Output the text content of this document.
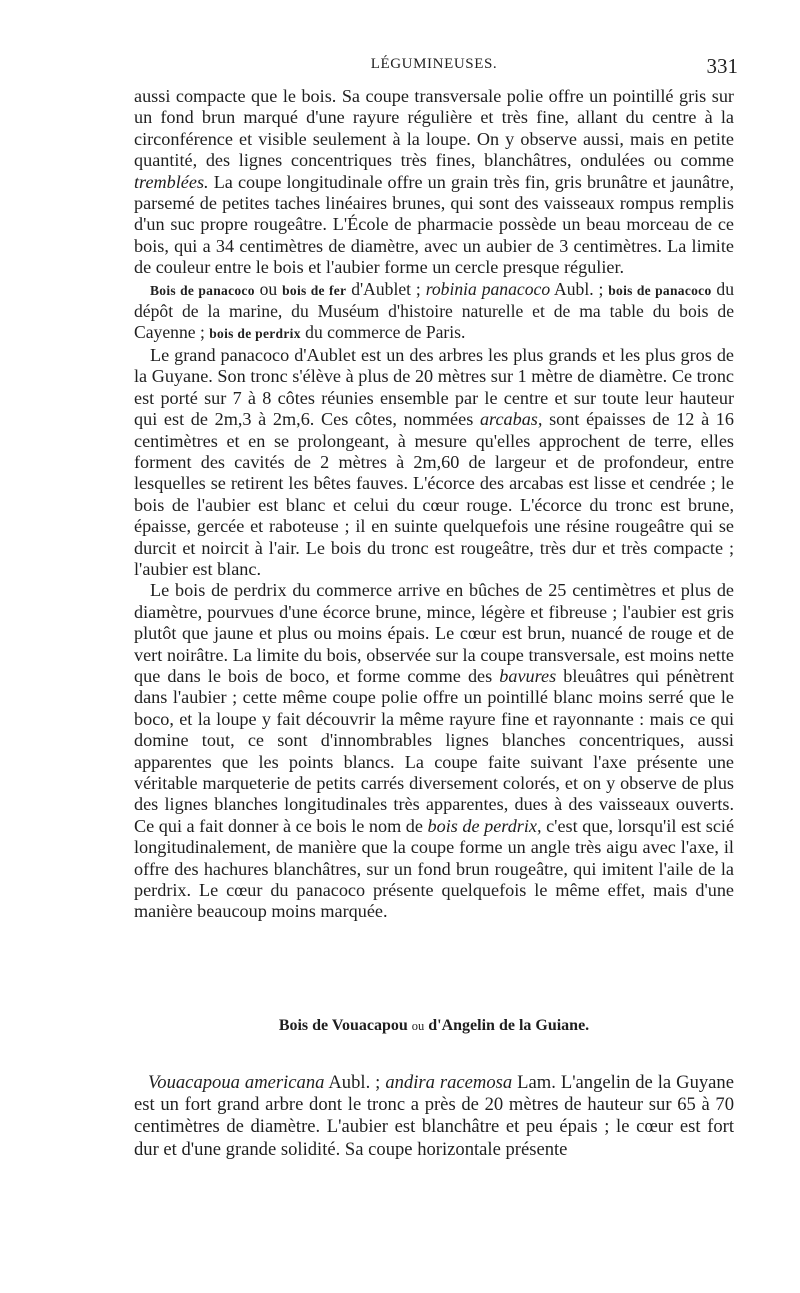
LÉGUMINEUSES.	331

aussi compacte que le bois. Sa coupe transversale polie offre un pointillé gris sur un fond brun marqué d'une rayure régulière et très fine, allant du centre à la circonférence et visible seulement à la loupe. On y observe aussi, mais en petite quantité, des lignes concentriques très fines, blanchâtres, ondulées ou comme tremblées. La coupe longitudinale offre un grain très fin, gris brunâtre et jaunâtre, parsemé de petites taches linéaires brunes, qui sont des vaisseaux rompus remplis d'un suc propre rougeâtre. L'École de pharmacie possède un beau morceau de ce bois, qui a 34 centimètres de diamètre, avec un aubier de 3 centimètres. La limite de couleur entre le bois et l'aubier forme un cercle presque régulier.

Bois de panacoco ou bois de fer d'Aublet ; robinia panacoco Aubl. ; bois de panacoco du dépôt de la marine, du Muséum d'histoire naturelle et de ma table du bois de Cayenne ; bois de perdrix du commerce de Paris.

Le grand panacoco d'Aublet est un des arbres les plus grands et les plus gros de la Guyane. Son tronc s'élève à plus de 20 mètres sur 1 mètre de diamètre. Ce tronc est porté sur 7 à 8 côtes réunies ensemble par le centre et sur toute leur hauteur qui est de 2m,3 à 2m,6. Ces côtes, nommées arcabas, sont épaisses de 12 à 16 centimètres et en se prolongeant, à mesure qu'elles approchent de terre, elles forment des cavités de 2 mètres à 2m,60 de largeur et de profondeur, entre lesquelles se retirent les bêtes fauves. L'écorce des arcabas est lisse et cendrée ; le bois de l'aubier est blanc et celui du cœur rouge. L'écorce du tronc est brune, épaisse, gercée et raboteuse ; il en suinte quelquefois une résine rougeâtre qui se durcit et noircit à l'air. Le bois du tronc est rougeâtre, très dur et très compacte ; l'aubier est blanc.

Le bois de perdrix du commerce arrive en bûches de 25 centimètres et plus de diamètre, pourvues d'une écorce brune, mince, légère et fibreuse ; l'aubier est gris plutôt que jaune et plus ou moins épais. Le cœur est brun, nuancé de rouge et de vert noirâtre. La limite du bois, observée sur la coupe transversale, est moins nette que dans le bois de boco, et forme comme des bavures bleuâtres qui pénètrent dans l'aubier ; cette même coupe polie offre un pointillé blanc moins serré que le boco, et la loupe y fait découvrir la même rayure fine et rayonnante : mais ce qui domine tout, ce sont d'innombrables lignes blanches concentriques, aussi apparentes que les points blancs. La coupe faite suivant l'axe présente une véritable marqueterie de petits carrés diversement colorés, et on y observe de plus des lignes blanches longitudinales très apparentes, dues à des vaisseaux ouverts. Ce qui a fait donner à ce bois le nom de bois de perdrix, c'est que, lorsqu'il est scié longitudinalement, de manière que la coupe forme un angle très aigu avec l'axe, il offre des hachures blanchâtres, sur un fond brun rougeâtre, qui imitent l'aile de la perdrix. Le cœur du panacoco présente quelquefois le même effet, mais d'une manière beaucoup moins marquée.

Bois de Vouacapou ou d'Angelin de la Guiane.

Vouacapoua americana Aubl. ; andira racemosa Lam. L'angelin de la Guyane est un fort grand arbre dont le tronc a près de 20 mètres de hauteur sur 65 à 70 centimètres de diamètre. L'aubier est blanchâtre et peu épais ; le cœur est fort dur et d'une grande solidité. Sa coupe horizontale présente
